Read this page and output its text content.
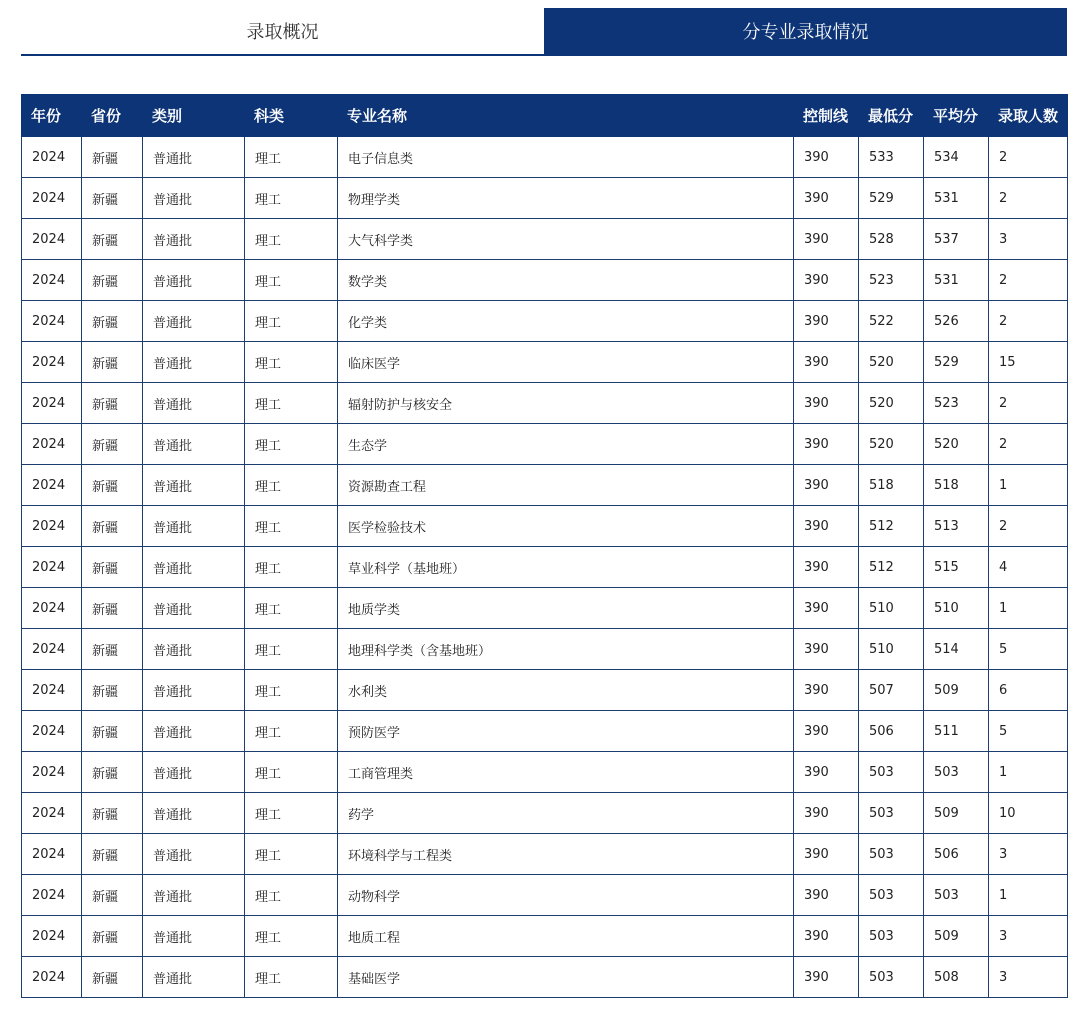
录取概况	分专业录取情况
年份	省份	类别	科类	专业名称	控制线	最低分	平均分	录取人数
2024	新疆	普通批	理工	电子信息类	390	533	534	2
2024	新疆	普通批	理工	物理学类	390	529	531	2
2024	新疆	普通批	理工	大气科学类	390	528	537	3
2024	新疆	普通批	理工	数学类	390	523	531	2
2024	新疆	普通批	理工	化学类	390	522	526	2
2024	新疆	普通批	理工	临床医学	390	520	529	15
2024	新疆	普通批	理工	辐射防护与核安全	390	520	523	2
2024	新疆	普通批	理工	生态学	390	520	520	2
2024	新疆	普通批	理工	资源勘查工程	390	518	518	1
2024	新疆	普通批	理工	医学检验技术	390	512	513	2
2024	新疆	普通批	理工	草业科学（基地班）	390	512	515	4
2024	新疆	普通批	理工	地质学类	390	510	510	1
2024	新疆	普通批	理工	地理科学类（含基地班）	390	510	514	5
2024	新疆	普通批	理工	水利类	390	507	509	6
2024	新疆	普通批	理工	预防医学	390	506	511	5
2024	新疆	普通批	理工	工商管理类	390	503	503	1
2024	新疆	普通批	理工	药学	390	503	509	10
2024	新疆	普通批	理工	环境科学与工程类	390	503	506	3
2024	新疆	普通批	理工	动物科学	390	503	503	1
2024	新疆	普通批	理工	地质工程	390	503	509	3
2024	新疆	普通批	理工	基础医学	390	503	508	3
